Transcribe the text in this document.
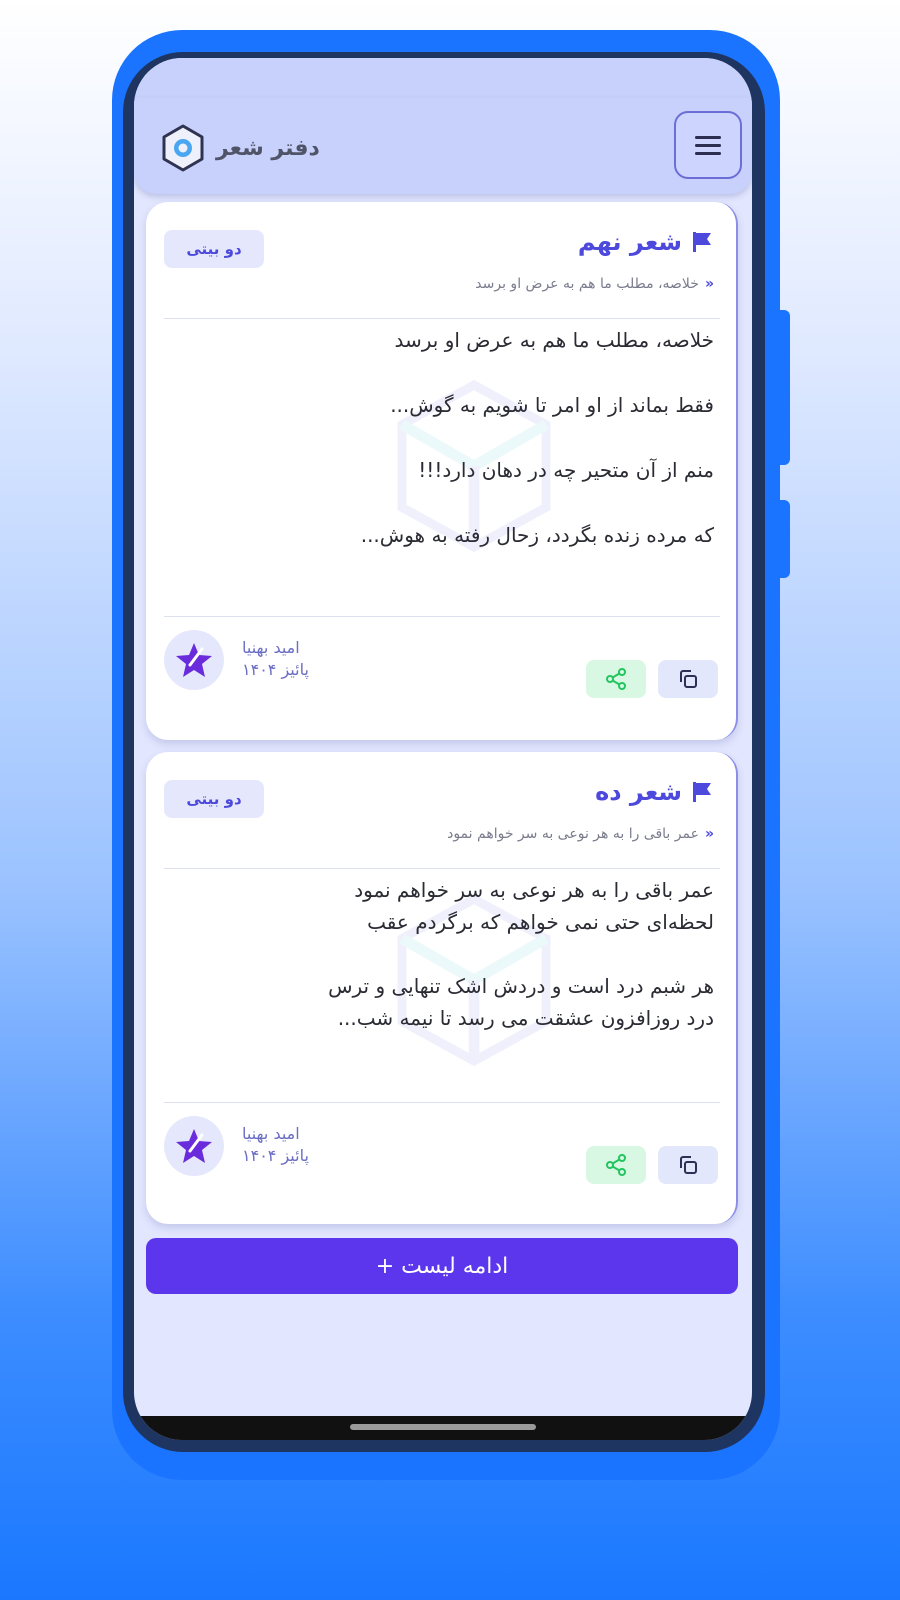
دفتر شعر
شعر نهم
«خلاصه، مطلب ما هم به عرض او برسد
دو بیتی
خلاصه، مطلب ما هم به عرض او برسد

فقط بماند از او امر تا شویم به گوش...

منم از آن متحیر چه در دهان دارد!!!

که مرده زنده بگردد، زحال رفته به هوش...
امید بهنیا
پائیز ۱۴۰۴
شعر ده
«عمر باقی را به هر نوعی به سر خواهم نمود
دو بیتی
عمر باقی را به هر نوعی به سر خواهم نمود
لحظه‌ای حتی نمی خواهم که برگردم عقب

هر شبم درد است و دردش اشک تنهایی و ترس
درد روزافزون عشقت می رسد تا نیمه شب...
امید بهنیا
پائیز ۱۴۰۴
ادامه لیست +
